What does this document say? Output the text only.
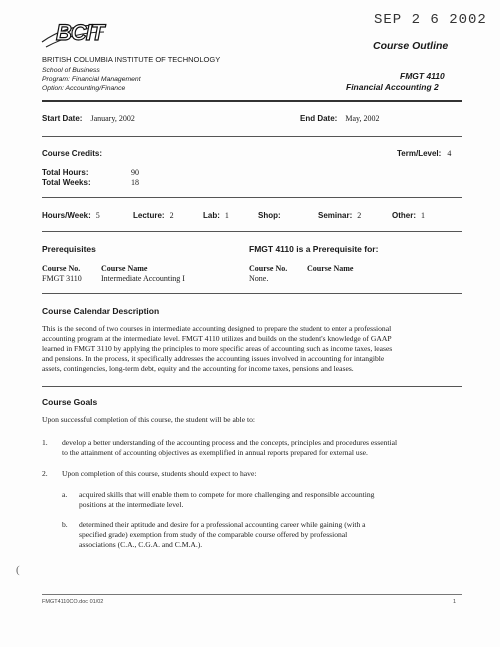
SEP 2 6 2002
BCIT
Course Outline
BRITISH COLUMBIA INSTITUTE OF TECHNOLOGY
School of Business
Program: Financial Management
Option: Accounting/Finance
FMGT 4110
Financial Accounting 2
Start Date: January, 2002	End Date: May, 2002
Course Credits:	Term/Level: 4
Total Hours:	90
Total Weeks:	18
Hours/Week: 5	Lecture: 2	Lab: 1	Shop:	Seminar: 2	Other: 1
Prerequisites	FMGT 4110 is a Prerequisite for:
Course No.	Course Name
FMGT 3110 Intermediate Accounting I
Course No. Course Name
None.
Course Calendar Description
This is the second of two courses in intermediate accounting designed to prepare the student to enter a professional
accounting program at the intermediate level. FMGT 4110 utilizes and builds on the student's knowledge of GAAP
learned in FMGT 3110 by applying the principles to more specific areas of accounting such as income taxes, leases
and pensions. In the process, it specifically addresses the accounting issues involved in accounting for intangible
assets, contingencies, long-term debt, equity and the accounting for income taxes, pensions and leases.
Course Goals
Upon successful completion of this course, the student will be able to:
1. develop a better understanding of the accounting process and the concepts, principles and procedures essential
to the attainment of accounting objectives as exemplified in annual reports prepared for external use.
2. Upon completion of this course, students should expect to have:
a. acquired skills that will enable them to compete for more challenging and responsible accounting
positions at the intermediate level.
b. determined their aptitude and desire for a professional accounting career while gaining (with a
specified grade) exemption from study of the comparable course offered by professional
associations (C.A., C.G.A. and C.M.A.).
(
FMGT4110CO.doc 01/02	1
